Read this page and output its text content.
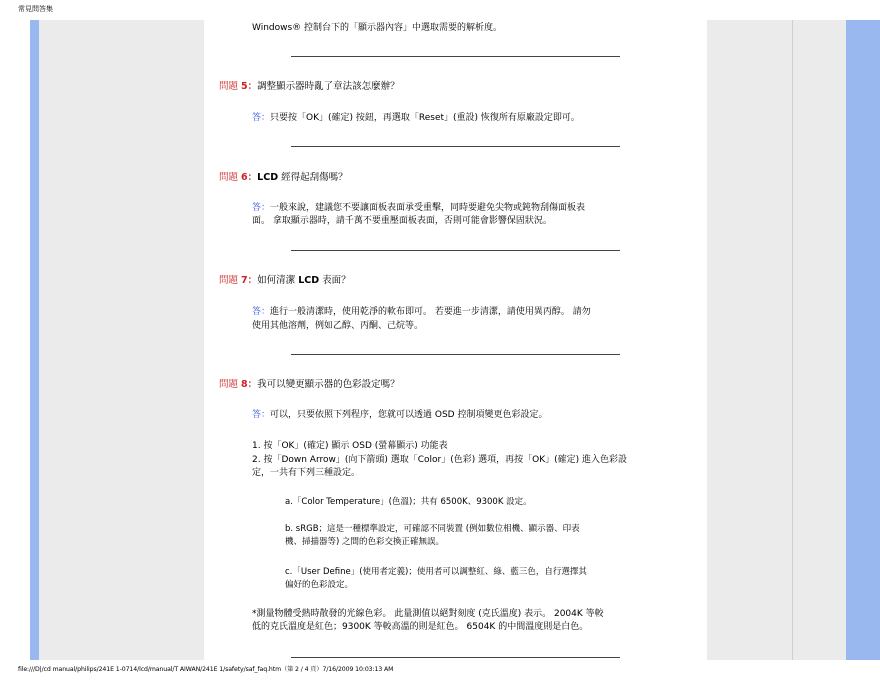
常見問答集
Windows® 控制台下的「顯示器內容」中選取需要的解析度。
問題 5：調整顯示器時亂了章法該怎麼辦？
答：只要按「OK」(確定) 按鈕，再選取「Reset」(重設) 恢復所有原廠設定即可。
問題 6：LCD 經得起刮傷嗎？
答：一般來說，建議您不要讓面板表面承受重擊，同時要避免尖物或鈍物刮傷面板表
面。 拿取顯示器時，請千萬不要重壓面板表面，否則可能會影響保固狀況。
問題 7：如何清潔 LCD 表面？
答：進行一般清潔時，使用乾淨的軟布即可。 若要進一步清潔，請使用異丙醇。 請勿
使用其他溶劑，例如乙醇、丙酮、己烷等。
問題 8：我可以變更顯示器的色彩設定嗎？
答：可以，只要依照下列程序，您就可以透過 OSD 控制項變更色彩設定。
1. 按「OK」(確定) 顯示 OSD (螢幕顯示) 功能表
2. 按「Down Arrow」(向下箭頭) 選取「Color」(色彩) 選項，再按「OK」(確定) 進入色彩設
定，一共有下列三種設定。
a.「Color Temperature」(色溫)；共有 6500K、9300K 設定。
b. sRGB；這是一種標準設定，可確認不同裝置 (例如數位相機、顯示器、印表
機、掃描器等) 之間的色彩交換正確無誤。
c.「User Define」(使用者定義)；使用者可以調整紅、綠、藍三色，自行選擇其
偏好的色彩設定。
*測量物體受熱時散發的光線色彩。 此量測值以絕對刻度 (克氏溫度) 表示。 2004K 等較
低的克氏溫度是紅色；9300K 等較高溫的則是紅色。 6504K 的中間溫度則是白色。
file:///D|/cd manual/philips/241E 1-0714/lcd/manual/T AIWAN/241E 1/safety/saf_faq.htm（第 2 / 4 頁）7/16/2009 10:03:13 AM
